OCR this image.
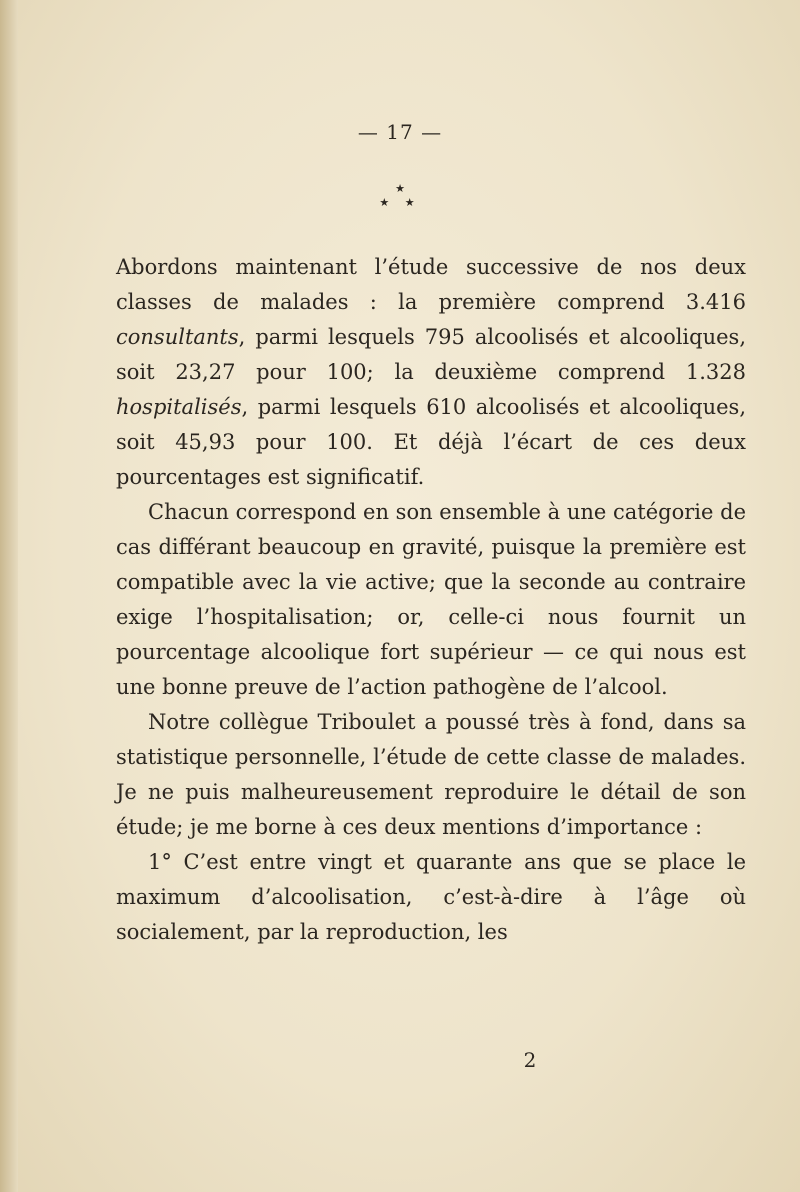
— 17 —
★
★ ★

Abordons maintenant l’étude successive de nos deux classes de malades : la première comprend 3.416 consultants, parmi lesquels 795 alcoolisés et alcooliques, soit 23,27 pour 100; la deuxième comprend 1.328 hospitalisés, parmi lesquels 610 alcoolisés et alcooliques, soit 45,93 pour 100. Et déjà l’écart de ces deux pourcentages est significatif.

Chacun correspond en son ensemble à une catégorie de cas différant beaucoup en gravité, puisque la première est compatible avec la vie active; que la seconde au contraire exige l’hospitalisation; or, celle-ci nous fournit un pourcentage alcoolique fort supérieur — ce qui nous est une bonne preuve de l’action pathogène de l’alcool.

Notre collègue Triboulet a poussé très à fond, dans sa statistique personnelle, l’étude de cette classe de malades. Je ne puis malheureusement reproduire le détail de son étude; je me borne à ces deux mentions d’importance :

1° C’est entre vingt et quarante ans que se place le maximum d’alcoolisation, c’est-à-dire à l’âge où socialement, par la reproduction, les

2
